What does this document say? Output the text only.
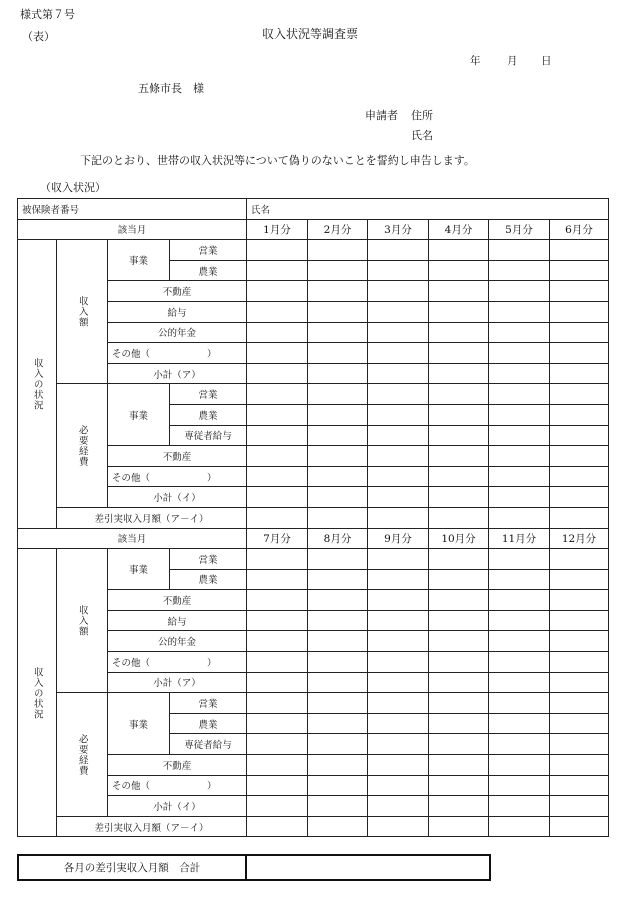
様式第７号
（表）	収入状況等調査票
年	月 日
五條市長　様
申請者 住所
氏名
下記のとおり、世帯の収入状況等について偽りのないことを誓約し申告します。
（収入状況）
被保険者番号				氏名					
該当月				1月分	2月分	3月分	4月分	5月分	6月分
収入の状況	収入額	事業	営業						
			農業						
		不動産							
		給与							
		公的年金							
		その他（　　　　　　）							
		小計（ア）							
	必要経費	事業	営業						
			農業						
			専従者給与						
		不動産							
		その他（　　　　　　）							
		小計（イ）							
	差引実収入月額（ア－イ）								
該当月				7月分	8月分	9月分	10月分	11月分	12月分
収入の状況	収入額	事業	営業						
			農業						
		不動産							
		給与							
		公的年金							
		その他（　　　　　　）							
		小計（ア）							
	必要経費	事業	営業						
			農業						
			専従者給与						
		不動産							
		その他（　　　　　　）							
		小計（イ）							
	差引実収入月額（ア－イ）								
各月の差引実収入月額　合計
